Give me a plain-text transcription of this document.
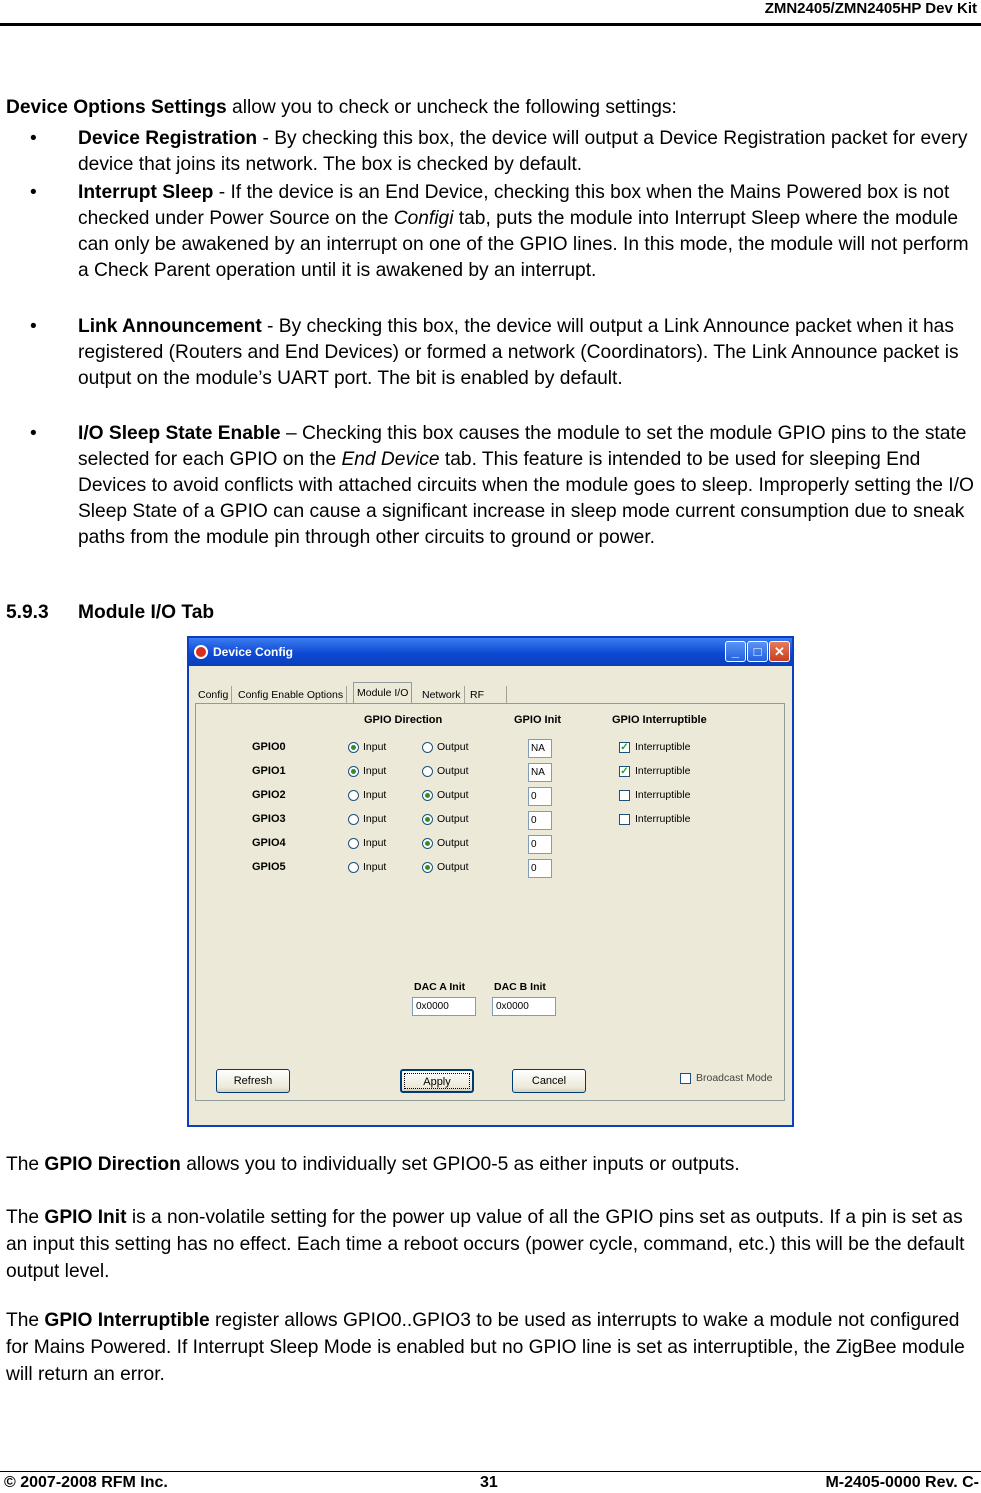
ZMN2405/ZMN2405HP Dev Kit
Device Options Settings allow you to check or uncheck the following settings:
• Device Registration - By checking this box, the device will output a Device Registration packet for every device that joins its network. The box is checked by default.
• Interrupt Sleep - If the device is an End Device, checking this box when the Mains Powered box is not checked under Power Source on the Configi tab, puts the module into Interrupt Sleep where the module can only be awakened by an interrupt on one of the GPIO lines. In this mode, the module will not perform a Check Parent operation until it is awakened by an interrupt.
• Link Announcement - By checking this box, the device will output a Link Announce packet when it has registered (Routers and End Devices) or formed a network (Coordinators). The Link Announce packet is output on the module’s UART port. The bit is enabled by default.
• I/O Sleep State Enable – Checking this box causes the module to set the module GPIO pins to the state selected for each GPIO on the End Device tab. This feature is intended to be used for sleeping End Devices to avoid conflicts with attached circuits when the module goes to sleep. Improperly setting the I/O Sleep State of a GPIO can cause a significant increase in sleep mode current consumption due to sneak paths from the module pin through other circuits to ground or power.
5.9.3 Module I/O Tab
Device Config	_	□ ✕
Config Config Enable Options	Module I/O	Network RF
GPIO Direction	GPIO Init	GPIO Interruptible
GPIO0	Input	Output	NA	✓ Interruptible
GPIO1	Input	Output	NA	✓ Interruptible
GPIO2	Input	Output	0	Interruptible
GPIO3	Input	Output	0	Interruptible
GPIO4	Input	Output	0
GPIO5	Input	Output	0
DAC A Init	DAC B Init
0x0000	0x0000
Refresh	Apply	Cancel	Broadcast Mode
The GPIO Direction allows you to individually set GPIO0-5 as either inputs or outputs.
The GPIO Init is a non-volatile setting for the power up value of all the GPIO pins set as outputs. If a pin is set as an input this setting has no effect. Each time a reboot occurs (power cycle, command, etc.) this will be the default output level.
The GPIO Interruptible register allows GPIO0..GPIO3 to be used as interrupts to wake a module not configured for Mains Powered. If Interrupt Sleep Mode is enabled but no GPIO line is set as interruptible, the ZigBee module will return an error.
© 2007-2008 RFM Inc.	31	M-2405-0000 Rev. C-
